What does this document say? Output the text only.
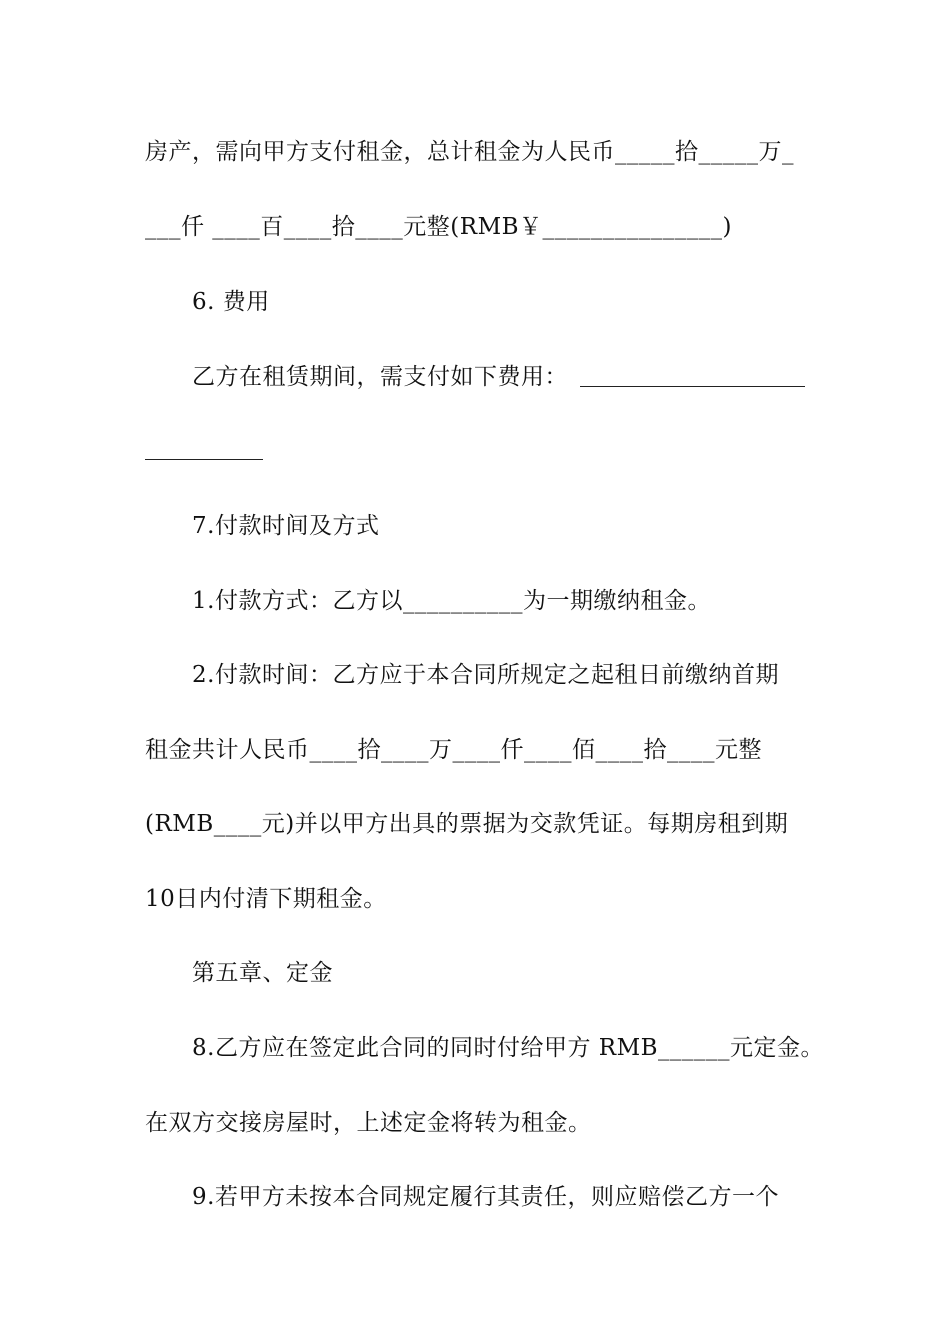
房产，需向甲方支付租金，总计租金为人民币_____拾_____万_
___仟 ____百____拾____元整(RMB￥_______________)
6. 费用
乙方在租赁期间，需支付如下费用：
7.付款时间及方式
1.付款方式：乙方以__________为一期缴纳租金。
2.付款时间：乙方应于本合同所规定之起租日前缴纳首期
租金共计人民币____拾____万____仟____佰____拾____元整
(RMB____元)并以甲方出具的票据为交款凭证。每期房租到期
10日内付清下期租金。
第五章、定金
8.乙方应在签定此合同的同时付给甲方 RMB______元定金。
在双方交接房屋时，上述定金将转为租金。
9.若甲方未按本合同规定履行其责任，则应赔偿乙方一个
